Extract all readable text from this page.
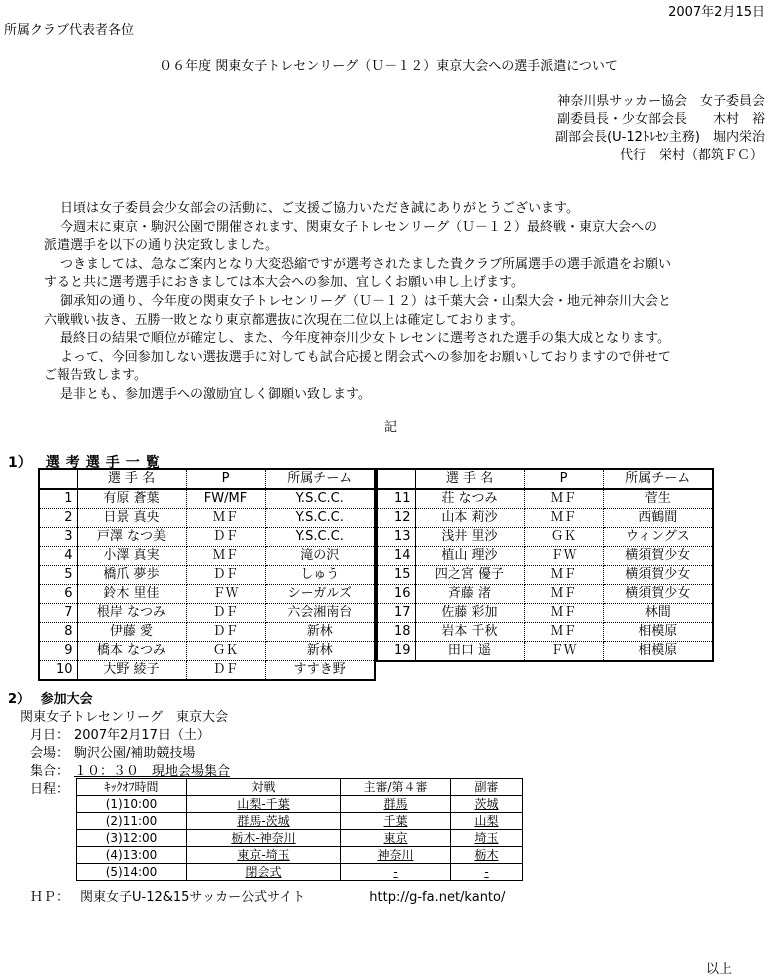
2007年2月15日
所属クラブ代表者各位
０６年度 関東女子トレセンリーグ（Ｕ－１２）東京大会への選手派遣について
神奈川県サッカー協会　女子委員会
副委員長・少女部会長　　木村　裕
副部会長(U-12ﾄﾚｾﾝ主務)　堀内栄治
代行　栄村（都筑ＦＣ）

日頃は女子委員会少女部会の活動に、ご支援ご協力いただき誠にありがとうございます。

今週末に東京・駒沢公園で開催されます、関東女子トレセンリーグ（Ｕ－１２）最終戦・東京大会への

派遣選手を以下の通り決定致しました。

つきましては、急なご案内となり大変恐縮ですが選考されたました貴クラブ所属選手の選手派遣をお願い

すると共に選考選手におきましては本大会への参加、宜しくお願い申し上げます。

御承知の通り、今年度の関東女子トレセンリーグ（Ｕ－１２）は千葉大会・山梨大会・地元神奈川大会と

六戦戦い抜き、五勝一敗となり東京都選抜に次現在二位以上は確定しております。

最終日の結果で順位が確定し、また、今年度神奈川少女トレセンに選考された選手の集大成となります。

よって、今回参加しない選抜選手に対しても試合応援と閉会式への参加をお願いしておりますので併せて

ご報告致します。

是非とも、参加選手への激励宜しく御願い致します。

記
1） 選考選手一覧
	選 手 名	P	所属チーム
1	有原 蒼葉	FW/MF	Y.S.C.C.
2	日景 真央	ＭＦ	Y.S.C.C.
3	戸澤 なつ美	ＤＦ	Y.S.C.C.
4	小澤 真実	ＭＦ	滝の沢
5	橋爪 夢歩	ＤＦ	しゅう
6	鈴木 里佳	ＦＷ	シーガルズ
7	根岸 なつみ	ＤＦ	六会湘南台
8	伊藤 愛	ＤＦ	新林
9	橋本 なつみ	ＧＫ	新林
10	大野 綾子	ＤＦ	すすき野
	選 手 名	P	所属チーム
11	荘 なつみ	ＭＦ	菅生
12	山本 莉沙	ＭＦ	西鶴間
13	浅井 里沙	ＧＫ	ウィングス
14	植山 理沙	ＦＷ	横須賀少女
15	四之宮 優子	ＭＦ	横須賀少女
16	斉藤 渚	ＭＦ	横須賀少女
17	佐藤 彩加	ＭＦ	林間
18	岩本 千秋	ＭＦ	相模原
19	田口 遥	ＦＷ	相模原
2） 参加大会
関東女子トレセンリーグ　東京大会
月日： 2007年2月17日（土）
会場： 駒沢公園/補助競技場
集合： １０：３０　現地会場集合
日程：	ｷｯｸｵﾌ時間	対戦	主審/第４審	副審
(1)10:00	山梨-千葉	群馬	茨城
(2)11:00	群馬-茨城	千葉	山梨
(3)12:00	栃木-神奈川	東京	埼玉
(4)13:00	東京-埼玉	神奈川	栃木
(5)14:00	閉会式	-	-
ＨＰ： 関東女子U-12&15サッカー公式サイト	http://g-fa.net/kanto/
以上
